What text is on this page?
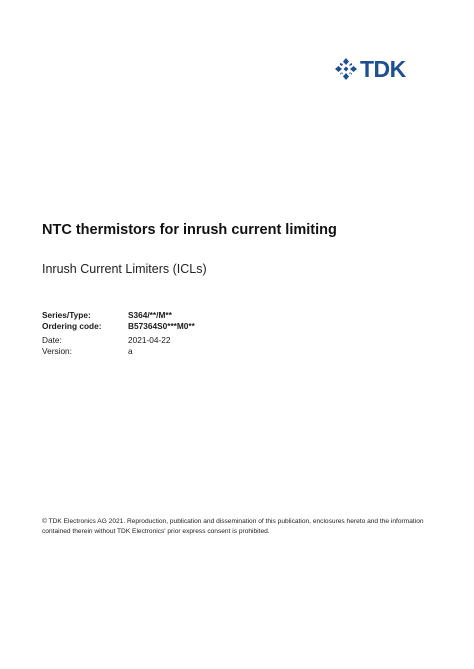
TDK
NTC thermistors for inrush current limiting
Inrush Current Limiters (ICLs)
Series/Type:	S364/**/M**
Ordering code:	B57364S0***M0**
Date:	2021-04-22
Version:	a
© TDK Electronics AG 2021. Reproduction, publication and dissemination of this publication, enclosures hereto and the information contained therein without TDK Electronics' prior express consent is prohibited.
